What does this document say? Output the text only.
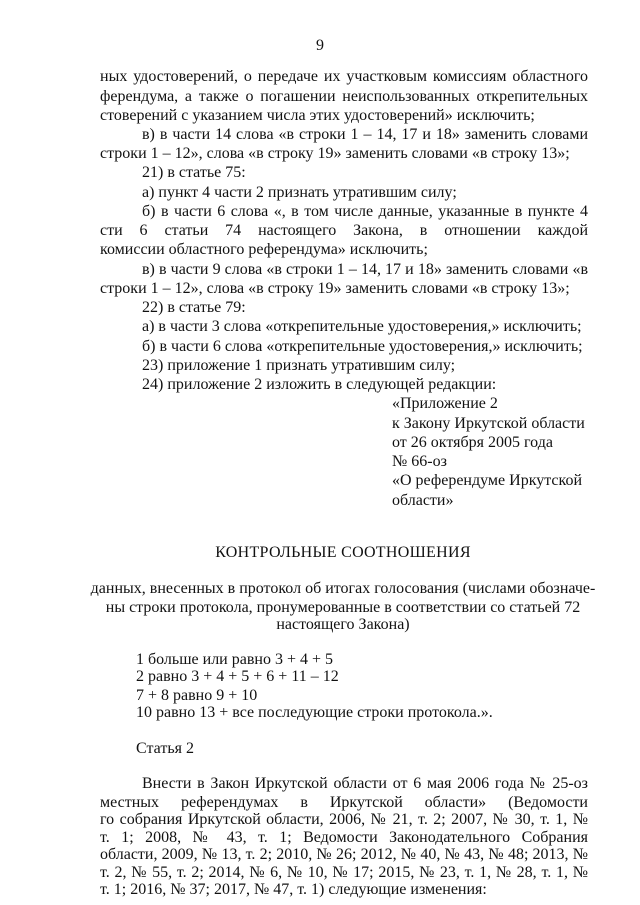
9
ных удостоверений, о передаче их участковым комиссиям областного
ферендума, а также о погашении неиспользованных открепительных
стоверений с указанием числа этих удостоверений» исключить;
в) в части 14 слова «в строки 1 – 14, 17 и 18» заменить словами
строки 1 – 12», слова «в строку 19» заменить словами «в строку 13»;
21) в статье 75:
а) пункт 4 части 2 признать утратившим силу;
б) в части 6 слова «, в том числе данные, указанные в пункте 4
сти 6 статьи 74 настоящего Закона, в отношении каждой
комиссии областного референдума» исключить;
в) в части 9 слова «в строки 1 – 14, 17 и 18» заменить словами «в
строки 1 – 12», слова «в строку 19» заменить словами «в строку 13»;
22) в статье 79:
а) в части 3 слова «открепительные удостоверения,» исключить;
б) в части 6 слова «открепительные удостоверения,» исключить;
23) приложение 1 признать утратившим силу;
24) приложение 2 изложить в следующей редакции:
«Приложение 2
к Закону Иркутской области
от 26 октября 2005 года
№ 66-оз
«О референдуме Иркутской
области»
КОНТРОЛЬНЫЕ СООТНОШЕНИЯ
данных, внесенных в протокол об итогах голосования (числами обозначе-
ны строки протокола, пронумерованные в соответствии со статьей 72
настоящего Закона)
1 больше или равно 3 + 4 + 5
2 равно 3 + 4 + 5 + 6 + 11 – 12
7 + 8 равно 9 + 10
10 равно 13 + все последующие строки протокола.».
Статья 2
Внести в Закон Иркутской области от 6 мая 2006 года № 25-оз
местных референдумах в Иркутской области» (Ведомости
го собрания Иркутской области, 2006, № 21, т. 2; 2007, № 30, т. 1, №
т. 1; 2008, № 43, т. 1; Ведомости Законодательного Собрания
области, 2009, № 13, т. 2; 2010, № 26; 2012, № 40, № 43, № 48; 2013, №
т. 2, № 55, т. 2; 2014, № 6, № 10, № 17; 2015, № 23, т. 1, № 28, т. 1, №
т. 1; 2016, № 37; 2017, № 47, т. 1) следующие изменения:
